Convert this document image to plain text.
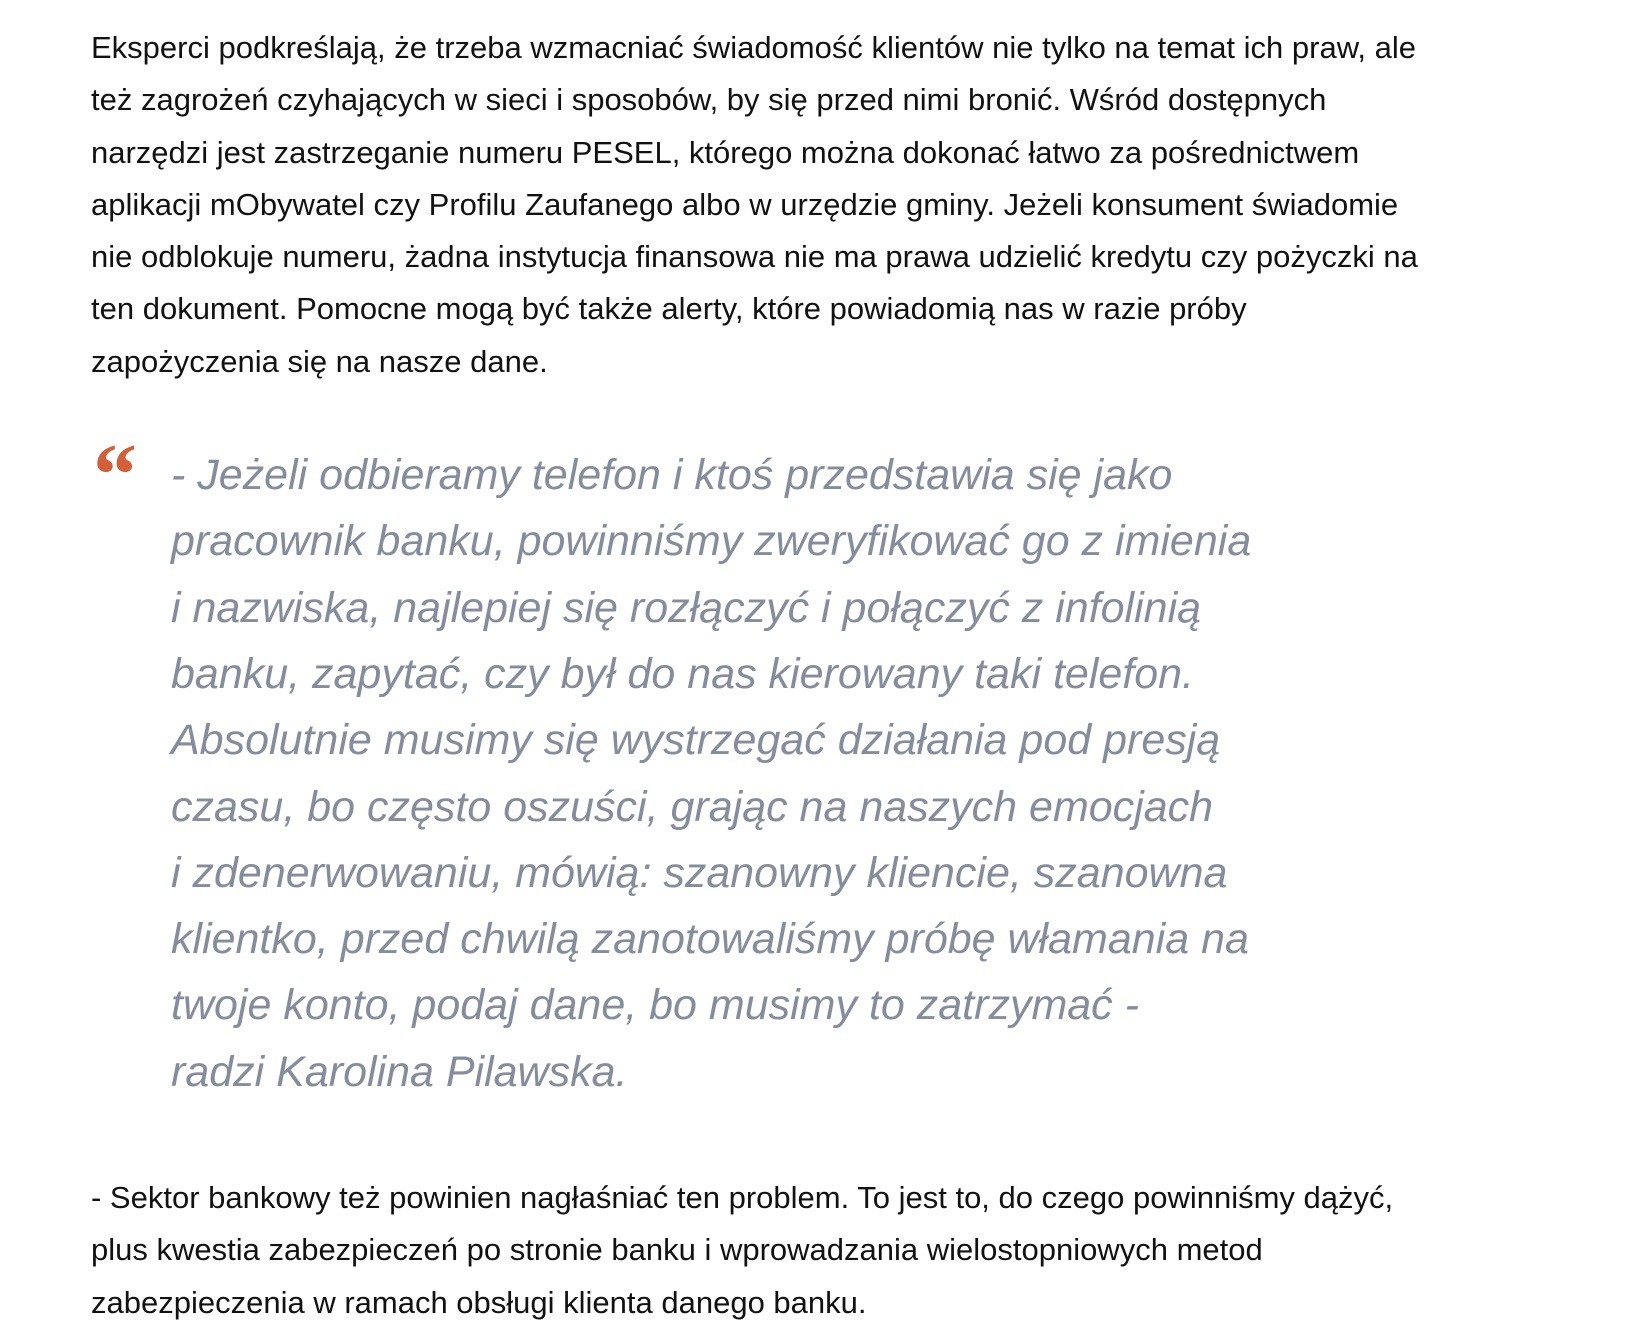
Eksperci podkreślają, że trzeba wzmacniać świadomość klientów nie tylko na temat ich praw, ale
też zagrożeń czyhających w sieci i sposobów, by się przed nimi bronić. Wśród dostępnych
narzędzi jest zastrzeganie numeru PESEL, którego można dokonać łatwo za pośrednictwem
aplikacji mObywatel czy Profilu Zaufanego albo w urzędzie gminy. Jeżeli konsument świadomie
nie odblokuje numeru, żadna instytucja finansowa nie ma prawa udzielić kredytu czy pożyczki na
ten dokument. Pomocne mogą być także alerty, które powiadomią nas w razie próby
zapożyczenia się na nasze dane.

“ - Jeżeli odbieramy telefon i ktoś przedstawia się jako
pracownik banku, powinniśmy zweryfikować go z imienia
i nazwiska, najlepiej się rozłączyć i połączyć z infolinią
banku, zapytać, czy był do nas kierowany taki telefon.
Absolutnie musimy się wystrzegać działania pod presją
czasu, bo często oszuści, grając na naszych emocjach
i zdenerwowaniu, mówią: szanowny kliencie, szanowna
klientko, przed chwilą zanotowaliśmy próbę włamania na
twoje konto, podaj dane, bo musimy to zatrzymać -
radzi Karolina Pilawska.

- Sektor bankowy też powinien nagłaśniać ten problem. To jest to, do czego powinniśmy dążyć,
plus kwestia zabezpieczeń po stronie banku i wprowadzania wielostopniowych metod
zabezpieczenia w ramach obsługi klienta danego banku.
